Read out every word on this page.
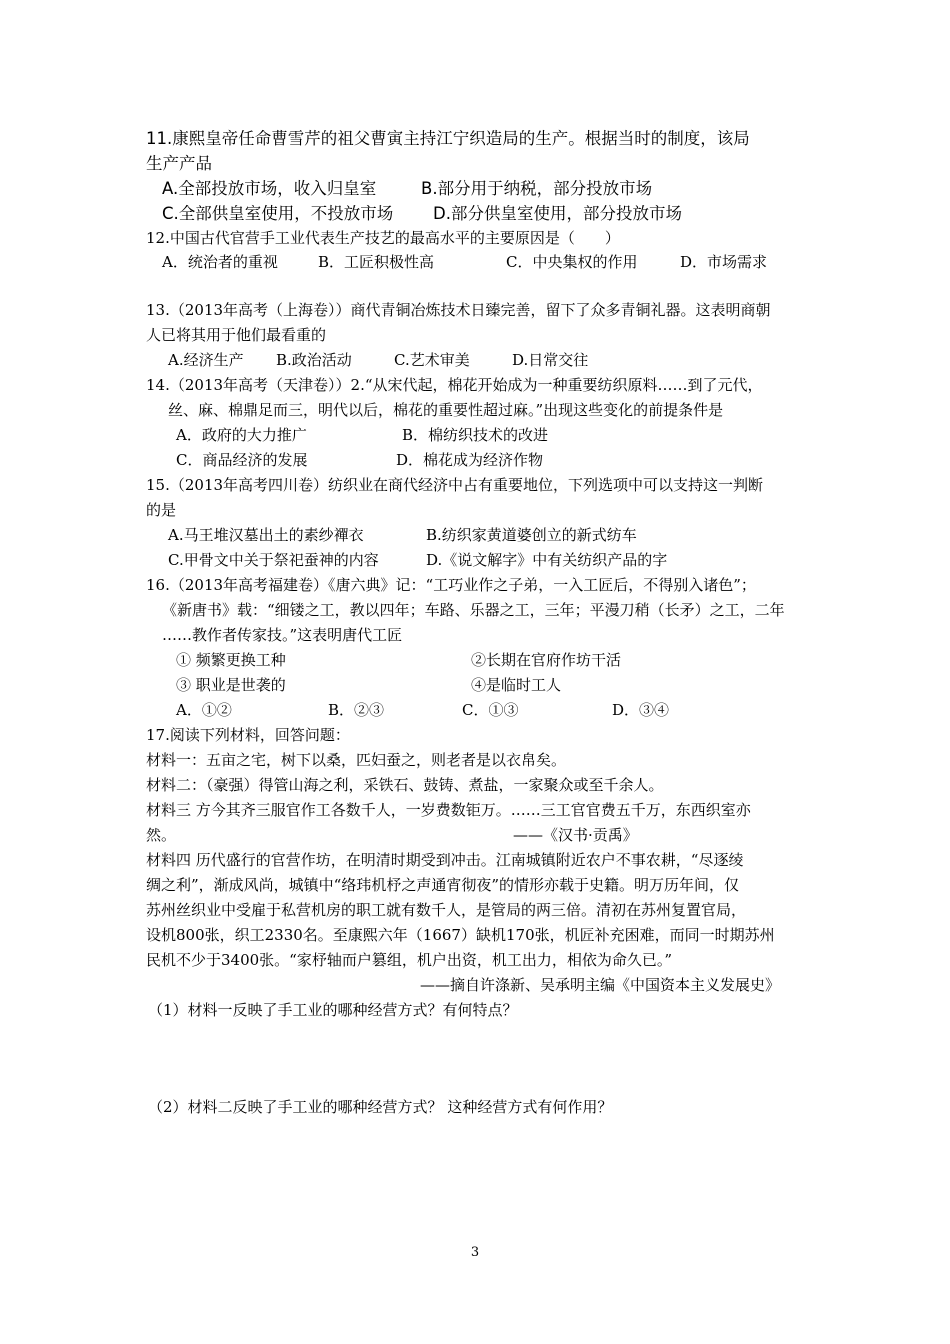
11.康熙皇帝任命曹雪芹的祖父曹寅主持江宁织造局的生产。根据当时的制度，该局
生产产品
A.全部投放市场，收入归皇室	B.部分用于纳税，部分投放市场
C.全部供皇室使用，不投放市场 D.部分供皇室使用，部分投放市场
12.中国古代官营手工业代表生产技艺的最高水平的主要原因是（　　）
A．统治者的重视	B．工匠积极性高	C．中央集权的作用	D．市场需求
13.（2013年高考（上海卷））商代青铜冶炼技术日臻完善，留下了众多青铜礼器。这表明商朝
人已将其用于他们最看重的
A.经济生产 B.政治活动	C.艺术审美	D.日常交往
14.（2013年高考（天津卷））2.“从宋代起，棉花开始成为一种重要纺织原料……到了元代，
丝、麻、棉鼎足而三，明代以后，棉花的重要性超过麻。”出现这些变化的前提条件是
A．政府的大力推广	B．棉纺织技术的改进
C．商品经济的发展	D．棉花成为经济作物
15.（2013年高考四川卷）纺织业在商代经济中占有重要地位，下列选项中可以支持这一判断
的是
A.马王堆汉墓出土的素纱襌衣	B.纺织家黄道婆创立的新式纺车
C.甲骨文中关于祭祀蚕神的内容	D.《说文解字》中有关纺织产品的字
16.（2013年高考福建卷）《唐六典》记：“工巧业作之子弟，一入工匠后，不得别入诸色”；
《新唐书》载：“细镂之工，教以四年；车路、乐器之工，三年；平漫刀稍（长矛）之工，二年
……教作者传家技。”这表明唐代工匠
① 频繁更换工种	②长期在官府作坊干活
③ 职业是世袭的	④是临时工人
A．①②	B．②③	C．①③	D．③④
17.阅读下列材料，回答问题：
材料一：五亩之宅，树下以桑，匹妇蚕之，则老者是以衣帛矣。
材料二：（豪强）得管山海之利，采铁石、鼓铸、煮盐，一家聚众或至千余人。
材料三 方今其齐三服官作工各数千人，一岁费数钜万。……三工官官费五千万，东西织室亦
然。	——《汉书·贡禹》
材料四 历代盛行的官营作坊，在明清时期受到冲击。江南城镇附近农户不事农耕，“尽逐绫
绸之利”，渐成风尚，城镇中“络玮机杼之声通宵彻夜”的情形亦载于史籍。明万历年间，仅
苏州丝织业中受雇于私营机房的职工就有数千人，是管局的两三倍。清初在苏州复置官局，
设机800张，织工2330名。至康熙六年（1667）缺机170张，机匠补充困难，而同一时期苏州
民机不少于3400张。“家杼轴而户篡组，机户出资，机工出力，相依为命久已。”
——摘自许涤新、吴承明主编《中国资本主义发展史》
（1）材料一反映了手工业的哪种经营方式？有何特点？
（2）材料二反映了手工业的哪种经营方式？ 这种经营方式有何作用？
3
